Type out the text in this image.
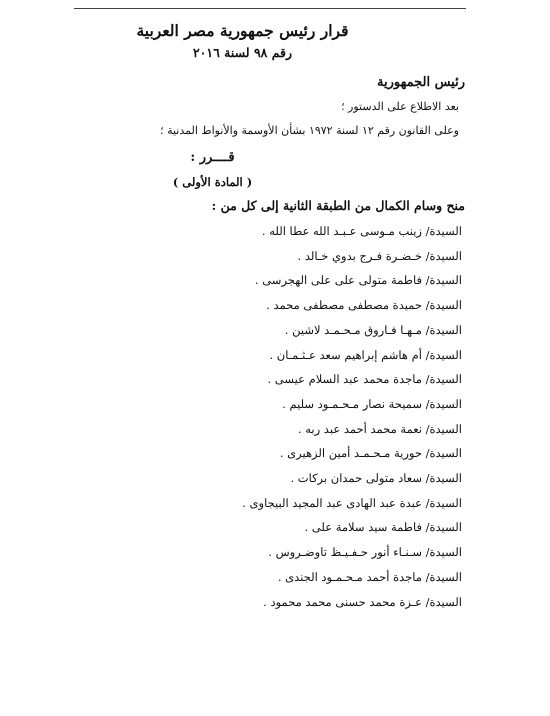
قرار رئيس جمهورية مصر العربية
رقم ٩٨ لسنة ٢٠١٦
رئيس الجمهورية
بعد الاطلاع على الدستور ؛
وعلى القانون رقم ١٢ لسنة ١٩٧٢ بشأن الأوسمة والأنواط المدنية ؛
قــــرر :
( المادة الأولى )
منح وسام الكمال من الطبقة الثانية إلى كل من :
السيدة/ زينب مـوسى عـبـد الله عطا الله .
السيدة/ خـضـرة فـرج بدوي خـالد .
السيدة/ فاطمة متولى على على الهجرسى .
السيدة/ حميدة مصطفى مصطفى محمد .
السيدة/ مـهـا فـاروق مـحـمـد لاشين .
السيدة/ أم هاشم إبراهيم سعد عـثـمـان .
السيدة/ ماجدة محمد عبد السلام عيسى .
السيدة/ سميحة نصار مـحـمـود سليم .
السيدة/ نعمة محمد أحمد عبد ربه .
السيدة/ حورية مـحـمـد أمين الزهيرى .
السيدة/ سعاد متولى حمدان بركات .
السيدة/ عبدة عبد الهادى عبد المجيد البيجاوى .
السيدة/ فاطمة سيد سلامة على .
السيدة/ سـنـاء أنور حـفـيـظ تاوضـروس .
السيدة/ ماجدة أحمد مـحـمـود الجندى .
السيدة/ عـزة محمد حسنى محمد محمود .
